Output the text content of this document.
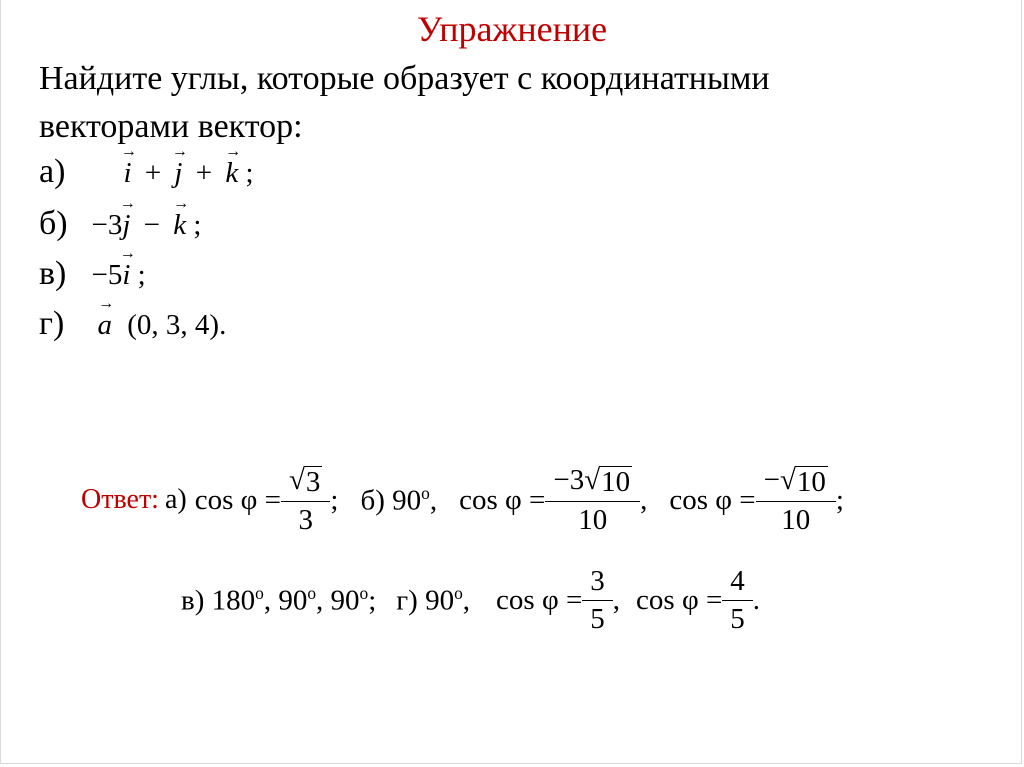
Упражнение
Найдите углы, которые образует с координатными
векторами вектор:
а) i
→
+ j
→
+ k
→
;
б) −3j
→
− k
→
;
в) −5i
→
;
г) a
→
(0, 3, 4).
Ответ: а) $\cos \varphi = \frac{√ 3}{3}$ ; б) 90$^o$, $\cos \varphi = \frac{-3 √ 10}{10}$ , $\cos \varphi = \frac{- √ 10}{10}$ ;
в) 180$^o$, 90$^o$, 90$^o$; г) 90$^o$, $\cos \varphi = \frac{3}{5}$ , $\cos \varphi = \frac{4}{5}$ .
